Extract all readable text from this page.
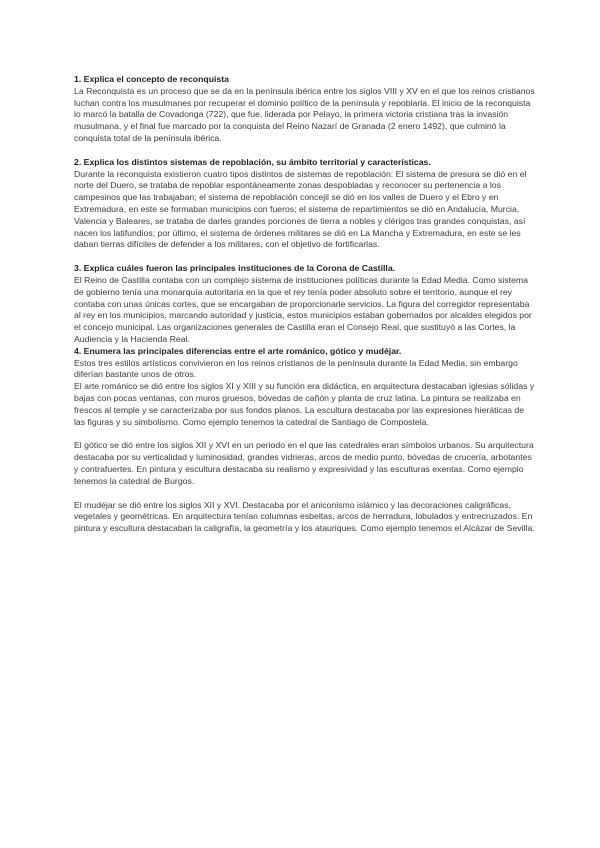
1. Explica el concepto de reconquista

La Reconquista es un proceso que se da en la península ibérica entre los siglos VIII y XV en el que los reinos cristianos luchan contra los musulmanes por recuperar el dominio político de la península y repoblarla. El inicio de la reconquista lo marcó la batalla de Covadonga (722), que fue, liderada por Pelayo, la primera victoria cristiana tras la invasión musulmana, y el final fue marcado por la conquista del Reino Nazarí de Granada (2 enero 1492), que culminó la conquista total de la península ibérica.

2. Explica los distintos sistemas de repoblación, su ámbito territorial y características.

Durante la reconquista existieron cuatro tipos distintos de sistemas de repoblación: El sistema de presura se dió en el norte del Duero, se trataba de repoblar espontáneamente zonas despobladas y reconocer su pertenencia a los campesinos que las trabajaban; el sistema de repoblación concejil se dió en los valles de Duero y el Ebro y en Extremadura, en este se formaban municipios con fueros; el sistema de repartimientos se dió en Andalucía, Murcia, Valencia y Baleares, se trataba de darles grandes porciones de tierra a nobles y clérigos tras grandes conquistas, así nacen los latifundios; por último, el sistema de órdenes militares se dió en La Mancha y Extremadura, en este se les daban tierras difíciles de defender a los militares, con el objetivo de fortificarlas.

3. Explica cuáles fueron las principales instituciones de la Corona de Castilla.

El Reino de Castilla contaba con un complejo sistema de instituciones políticas durante la Edad Media. Como sistema de gobierno tenía una monarquía autoritaria en la que el rey tenía poder absoluto sobre el territorio, aunque el rey contaba con unas únicas cortes, que se encargaban de proporcionarle servicios. La figura del corregidor representaba al rey en los municipios, marcando autoridad y justicia, estos municipios estaban gobernados por alcaldes elegidos por el concejo municipal. Las organizaciones generales de Castilla eran el Consejo Real, que sustituyó a las Cortes, la Audiencia y la Hacienda Real.

4. Enumera las principales diferencias entre el arte románico, gótico y mudéjar.

Estos tres estilos artísticos convivieron en los reinos cristianos de la península durante la Edad Media, sin embargo diferían bastante unos de otros.

El arte románico se dió entre los siglos XI y XIII y su función era didáctica, en arquitectura destacaban iglesias sólidas y bajas con pocas ventanas, con muros gruesos, bóvedas de cañón y planta de cruz latina. La pintura se realizaba en frescos al temple y se caracterizaba por sus fondos planos. La escultura destacaba por las expresiones hieráticas de las figuras y su simbolismo. Como ejemplo tenemos la catedral de Santiago de Compostela.

El gótico se dió entre los siglos XII y XVI en un periodo en el que las catedrales eran símbolos urbanos. Su arquitectura destacaba por su verticalidad y luminosidad, grandes vidrieras, arcos de medio punto, bóvedas de crucería, arbotantes y contrafuertes. En pintura y escultura destacaba su realismo y expresividad y las esculturas exentas. Como ejemplo tenemos la catedral de Burgos.

El mudéjar se dió entre los siglos XII y XVI. Destacaba por el aniconismo islámico y las decoraciones caligráficas, vegetales y geométricas. En arquitectura tenían columnas esbeltas, arcos de herradura, lobulados y entrecruzados. En pintura y escultura destacaban la caligrafía, la geometría y los atauriques. Como ejemplo tenemos el Alcázar de Sevilla.
